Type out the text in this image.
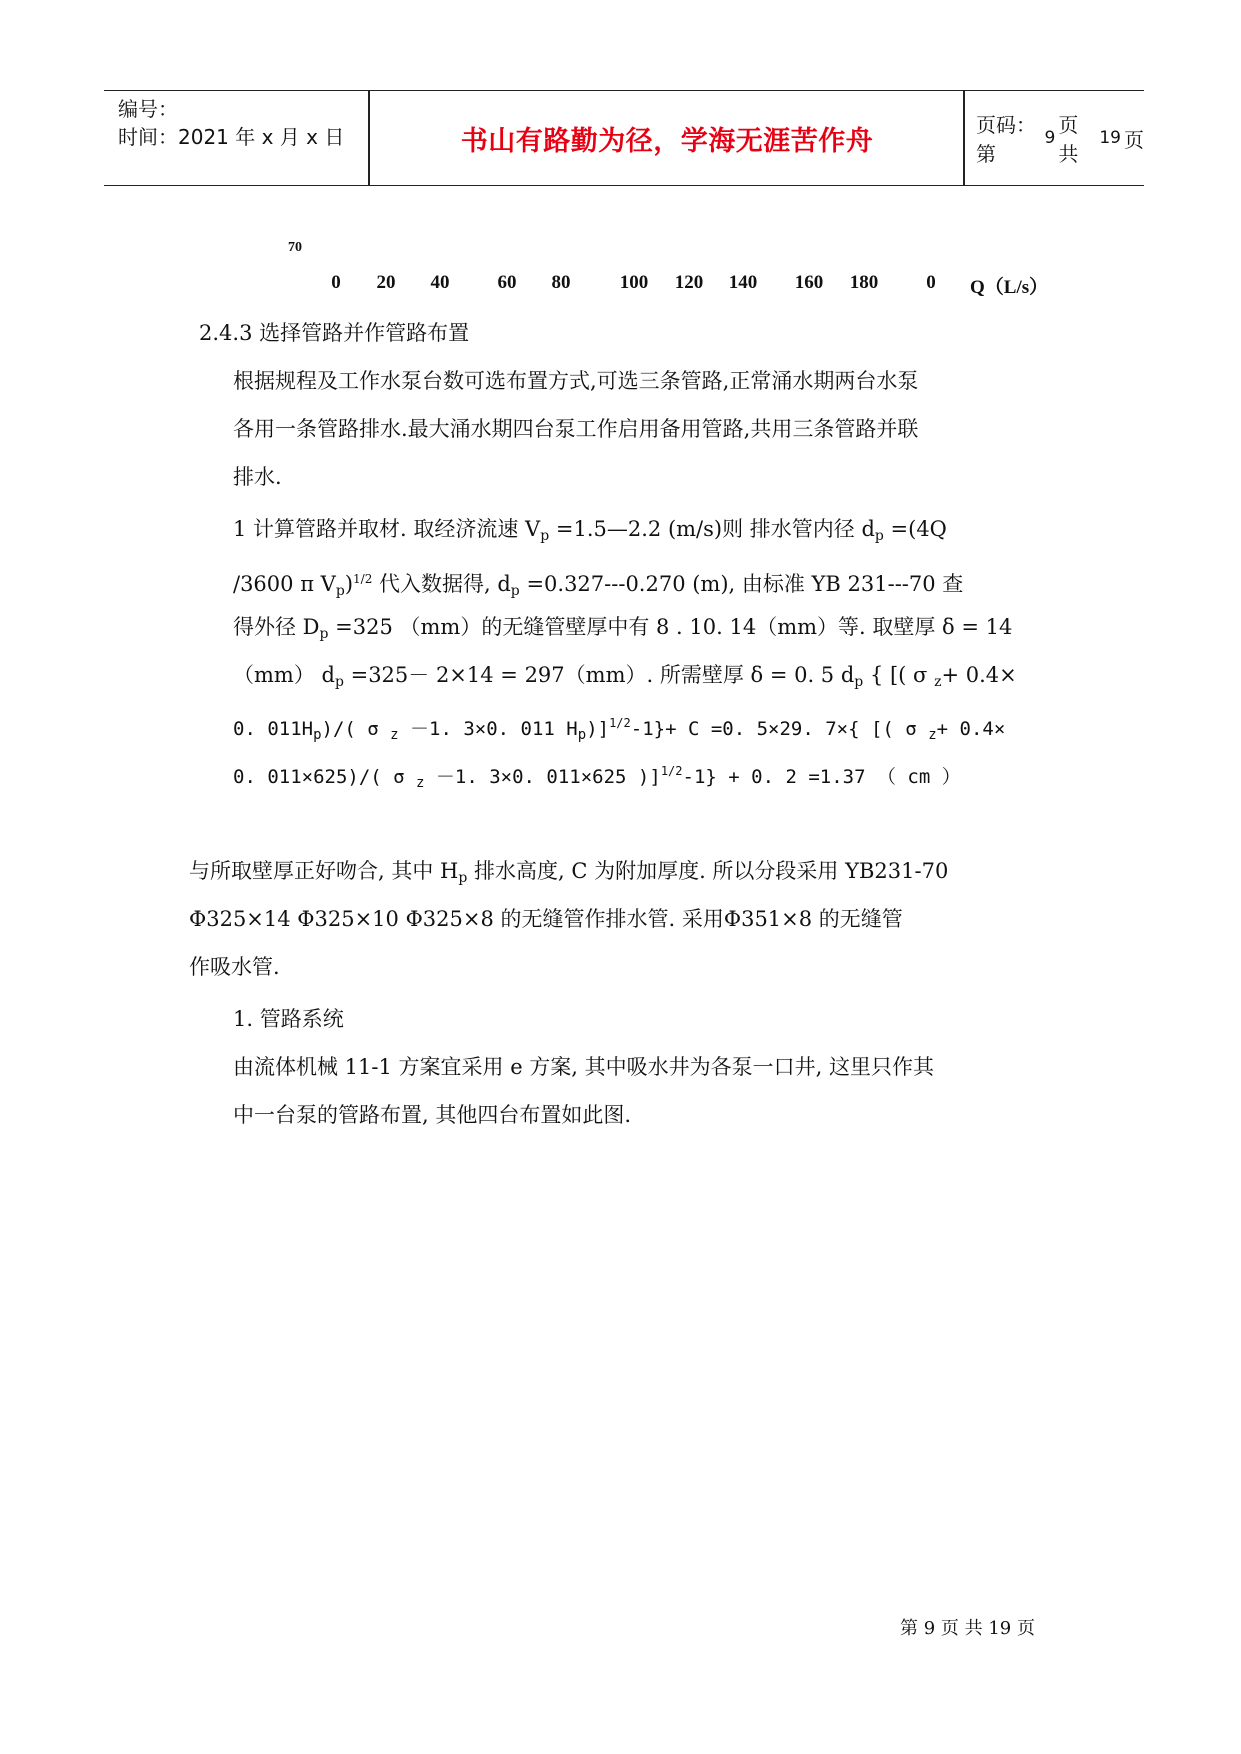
编号：
时间：2021 年 x 月 x 日	书山有路勤为径，学海无涯苦作舟
页码：第
9
页 共
19 页
70
0 20 40	60 80	100 120 140 160 180	0 Q（L/s）
2.4.3 选择管路并作管路布置
根据规程及工作水泵台数可选布置方式,可选三条管路,正常涌水期两台水泵
各用一条管路排水.最大涌水期四台泵工作启用备用管路,共用三条管路并联
排水.
1 计算管路并取材. 取经济流速 $V_p$ =1.5—2.2 (m/s)则 排水管内径 $d_p =(4Q$
/3600 π $V_p)^{1/2}$ 代入数据得, $d_p =0.327---0.270$ (m), 由标准 YB 231---70 查
得外径 $D_p =325$ （mm）的无缝管壁厚中有 8 . 10. 14（mm）等. 取壁厚 δ = 14
（mm） $d_p =325- 2\times 14 = 297(mm)$. 所需壁厚 δ = 0. 5 $d_p$ { [( σ $_z$+ 0.4×
0. $011H_p)/$( σ $_z$ －1. 3×0. 011 $H_p)]^{1/2}-1\}+ C =0$. 5×29. 7×{ [( σ $_z$+ 0.4×
0. 011×625)/( σ $_z$ －1. 3×0. 011×625 )]$^{1/2}$-1} + 0. 2 =1.37 （ cm ）
与所取壁厚正好吻合, 其中 $H_p$ 排水高度, C 为附加厚度. 所以分段采用 YB231-70
Φ325×14 Φ325×10 Φ325×8 的无缝管作排水管. 采用Φ351×8 的无缝管
作吸水管.
1. 管路系统
由流体机械 11-1 方案宜采用 e 方案, 其中吸水井为各泵一口井, 这里只作其
中一台泵的管路布置, 其他四台布置如此图.
第 9 页 共 19 页
